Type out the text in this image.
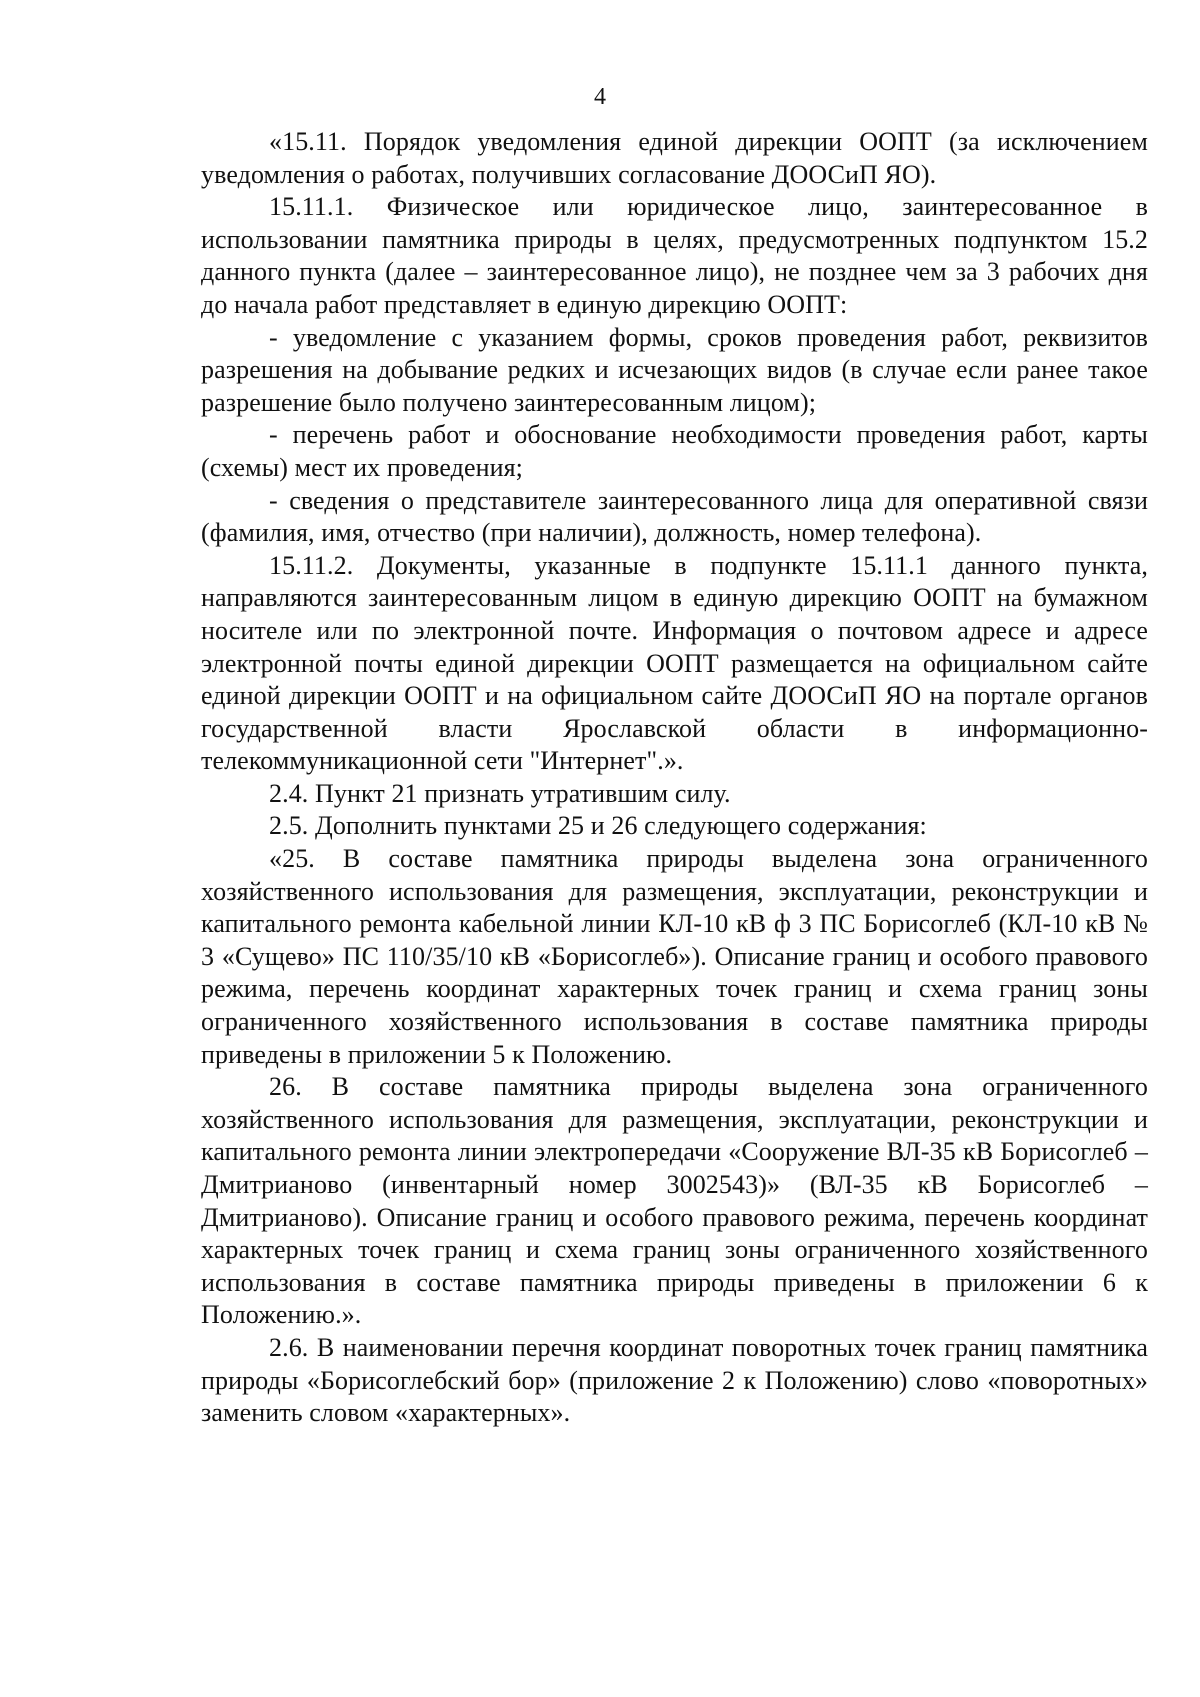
4

«15.11. Порядок уведомления единой дирекции ООПТ (за исключением уведомления о работах, получивших согласование ДООСиП ЯО).

15.11.1. Физическое или юридическое лицо, заинтересованное в использовании памятника природы в целях, предусмотренных подпунктом 15.2 данного пункта (далее – заинтересованное лицо), не позднее чем за 3 рабочих дня до начала работ представляет в единую дирекцию ООПТ:

- уведомление с указанием формы, сроков проведения работ, реквизитов разрешения на добывание редких и исчезающих видов (в случае если ранее такое разрешение было получено заинтересованным лицом);

- перечень работ и обоснование необходимости проведения работ, карты (схемы) мест их проведения;

- сведения о представителе заинтересованного лица для оперативной связи (фамилия, имя, отчество (при наличии), должность, номер телефона).

15.11.2. Документы, указанные в подпункте 15.11.1 данного пункта, направляются заинтересованным лицом в единую дирекцию ООПТ на бумажном носителе или по электронной почте. Информация о почтовом адресе и адресе электронной почты единой дирекции ООПТ размещается на официальном сайте единой дирекции ООПТ и на официальном сайте ДООСиП ЯО на портале органов государственной власти Ярославской области в информационно-телекоммуникационной сети "Интернет".».

2.4. Пункт 21 признать утратившим силу.

2.5. Дополнить пунктами 25 и 26 следующего содержания:

«25. В составе памятника природы выделена зона ограниченного хозяйственного использования для размещения, эксплуатации, реконструкции и капитального ремонта кабельной линии КЛ-10 кВ ф 3 ПС Борисоглеб (КЛ-10 кВ № 3 «Сущево» ПС 110/35/10 кВ «Борисоглеб»). Описание границ и особого правового режима, перечень координат характерных точек границ и схема границ зоны ограниченного хозяйственного использования в составе памятника природы приведены в приложении 5 к Положению.

26. В составе памятника природы выделена зона ограниченного хозяйственного использования для размещения, эксплуатации, реконструкции и капитального ремонта линии электропередачи «Сооружение ВЛ-35 кВ Борисоглеб – Дмитрианово (инвентарный номер 3002543)» (ВЛ-35 кВ Борисоглеб – Дмитрианово). Описание границ и особого правового режима, перечень координат характерных точек границ и схема границ зоны ограниченного хозяйственного использования в составе памятника природы приведены в приложении 6 к Положению.».

2.6. В наименовании перечня координат поворотных точек границ памятника природы «Борисоглебский бор» (приложение 2 к Положению) слово «поворотных» заменить словом «характерных».
